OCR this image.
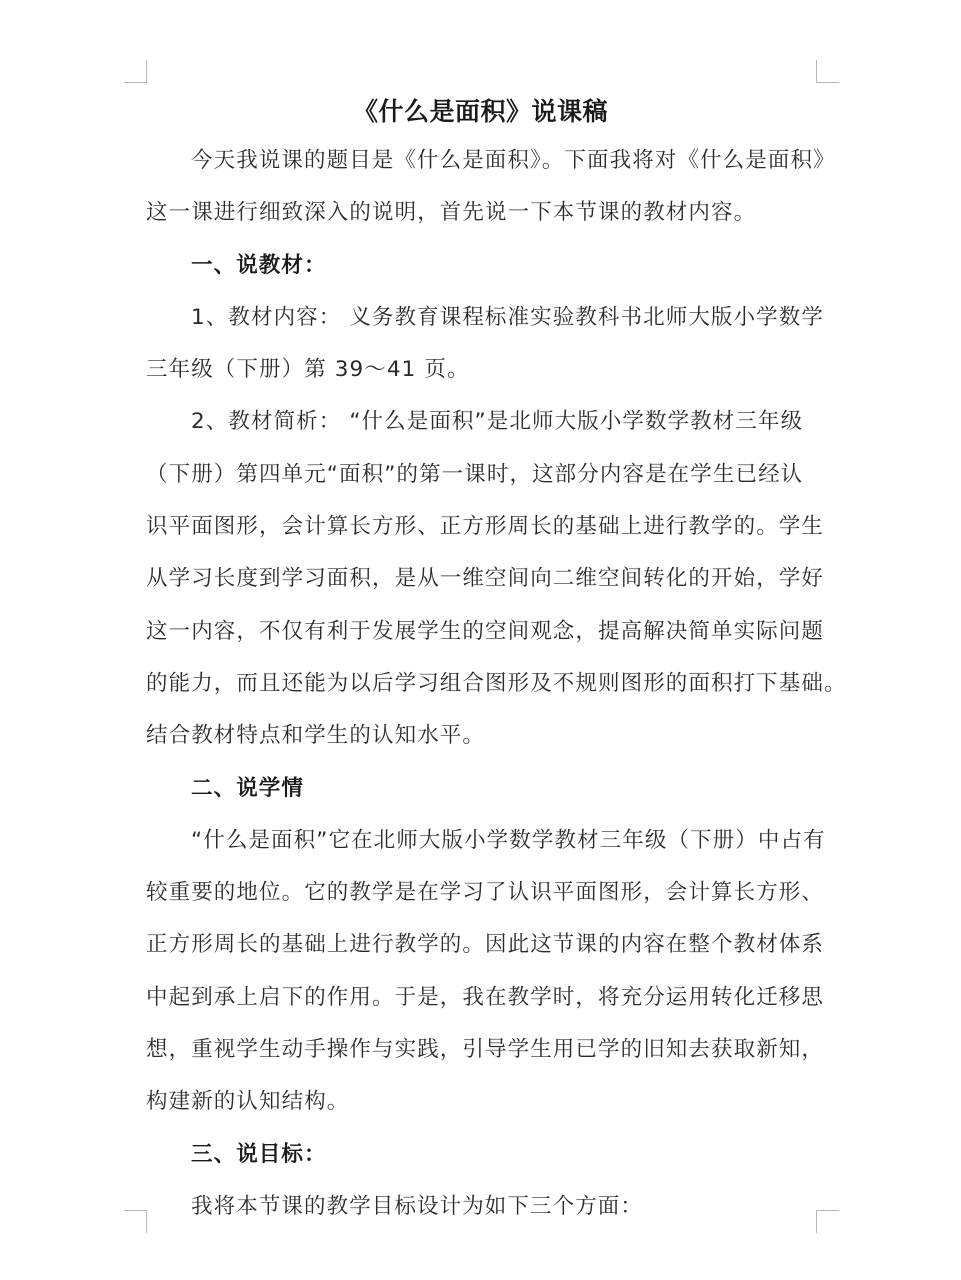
《什么是面积》说课稿
今天我说课的题目是《什么是面积》。下面我将对《什么是面积》
这一课进行细致深入的说明，首先说一下本节课的教材内容。
一、说教材：
1、教材内容： 义务教育课程标准实验教科书北师大版小学数学
三年级（下册）第 39～41 页。
2、教材简析： “什么是面积”是北师大版小学数学教材三年级
（下册）第四单元“面积”的第一课时，这部分内容是在学生已经认
识平面图形，会计算长方形、正方形周长的基础上进行教学的。学生
从学习长度到学习面积，是从一维空间向二维空间转化的开始，学好
这一内容，不仅有利于发展学生的空间观念，提高解决简单实际问题
的能力，而且还能为以后学习组合图形及不规则图形的面积打下基础。
结合教材特点和学生的认知水平。
二、说学情
“什么是面积”它在北师大版小学数学教材三年级（下册）中占有
较重要的地位。它的教学是在学习了认识平面图形，会计算长方形、
正方形周长的基础上进行教学的。因此这节课的内容在整个教材体系
中起到承上启下的作用。于是，我在教学时，将充分运用转化迁移思
想，重视学生动手操作与实践，引导学生用已学的旧知去获取新知，
构建新的认知结构。
三、说目标：
我将本节课的教学目标设计为如下三个方面：
